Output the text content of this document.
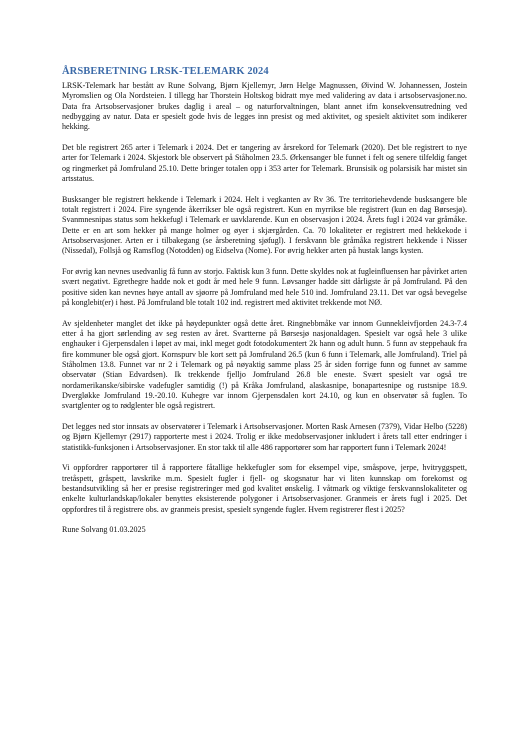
ÅRSBERETNING LRSK-TELEMARK 2024

LRSK-Telemark har bestått av Rune Solvang, Bjørn Kjellemyr, Jørn Helge Magnussen, Øivind W. Johannessen, Jostein Myromslien og Ola Nordsteien. I tillegg har Thorstein Holtskog bidratt mye med validering av data i artsobservasjoner.no. Data fra Artsobservasjoner brukes daglig i areal – og naturforvaltningen, blant annet ifm konsekvensutredning ved nedbygging av natur. Data er spesielt gode hvis de legges inn presist og med aktivitet, og spesielt aktivitet som indikerer hekking.

Det ble registrert 265 arter i Telemark i 2024. Det er tangering av årsrekord for Telemark (2020). Det ble registrert to nye arter for Telemark i 2024. Skjestork ble observert på Ståholmen 23.5. Ørkensanger ble funnet i felt og senere tilfeldig fanget og ringmerket på Jomfruland 25.10. Dette bringer totalen opp i 353 arter for Telemark. Brunsisik og polarsisik har mistet sin artsstatus.

Busksanger ble registrert hekkende i Telemark i 2024. Helt i vegkanten av Rv 36. Tre territoriehevdende busksangere ble totalt registrert i 2024. Fire syngende åkerrikser ble også registrert. Kun en myrrikse ble registrert (kun en dag Børsesjø). Svanmnesnipas status som hekkefugl i Telemark er uavklarende. Kun en observasjon i 2024. Årets fugl i 2024 var gråmåke. Dette er en art som hekker på mange holmer og øyer i skjærgården. Ca. 70 lokaliteter er registrert med hekkekode i Artsobservasjoner. Arten er i tilbakegang (se årsberetning sjøfugl). I ferskvann ble gråmåka registrert hekkende i Nisser (Nissedal), Follsjå og Ramsflog (Notodden) og Eidselva (Nome). For øvrig hekker arten på hustak langs kysten.

For øvrig kan nevnes usedvanlig få funn av storjo. Faktisk kun 3 funn. Dette skyldes nok at fugleinfluensen har påvirket arten svært negativt. Egrethegre hadde nok et godt år med hele 9 funn. Løvsanger hadde sitt dårligste år på Jomfruland. På den positive siden kan nevnes høye antall av sjøorre på Jomfruland med hele 510 ind. Jomfruland 23.11. Det var også bevegelse på konglebit(er) i høst. På Jomfruland ble totalt 102 ind. registrert med aktivitet trekkende mot NØ.

Av sjeldenheter manglet det ikke på høydepunkter også dette året. Ringnebbmåke var innom Gunnekleivfjorden 24.3-7.4 etter å ha gjort sørlending av seg resten av året. Svartterne på Børsesjø nasjonaldagen. Spesielt var også hele 3 ulike enghauker i Gjerpensdalen i løpet av mai, inkl meget godt fotodokumentert 2k hann og adult hunn. 5 funn av steppehauk fra fire kommuner ble også gjort. Kornspurv ble kort sett på Jomfruland 26.5 (kun 6 funn i Telemark, alle Jomfruland). Triel på Ståholmen 13.8. Funnet var nr 2 i Telemark og på nøyaktig samme plass 25 år siden forrige funn og funnet av samme observatør (Stian Edvardsen). Ik trekkende fjelljo Jomfruland 26.8 ble eneste. Svært spesielt var også tre nordamerikanske/sibirske vadefugler samtidig (!) på Kråka Jomfruland, alaskasnipe, bonapartesnipe og rustsnipe 18.9. Dvergløkke Jomfruland 19.-20.10. Kuhegre var innom Gjerpensdalen kort 24.10, og kun en observatør så fuglen. To svartglenter og to rødglenter ble også registrert.

Det legges ned stor innsats av observatører i Telemark i Artsobservasjoner. Morten Rask Arnesen (7379), Vidar Helbo (5228) og Bjørn Kjellemyr (2917) rapporterte mest i 2024. Trolig er ikke medobservasjoner inkludert i årets tall etter endringer i statistikk-funksjonen i Artsobservasjoner. En stor takk til alle 486 rapportører som har rapportert funn i Telemark 2024!

Vi oppfordrer rapportører til å rapportere fåtallige hekkefugler som for eksempel vipe, småspove, jerpe, hvitryggspett, tretåspett, gråspett, lavskrike m.m. Spesielt fugler i fjell- og skogsnatur har vi liten kunnskap om forekomst og bestandsutvikling så her er presise registreringer med god kvalitet ønskelig. I våtmark og viktige ferskvannslokaliteter og enkelte kulturlandskap/lokaler benyttes eksisterende polygoner i Artsobservasjoner. Granmeis er årets fugl i 2025. Det oppfordres til å registrere obs. av granmeis presist, spesielt syngende fugler. Hvem registrerer flest i 2025?

Rune Solvang 01.03.2025
